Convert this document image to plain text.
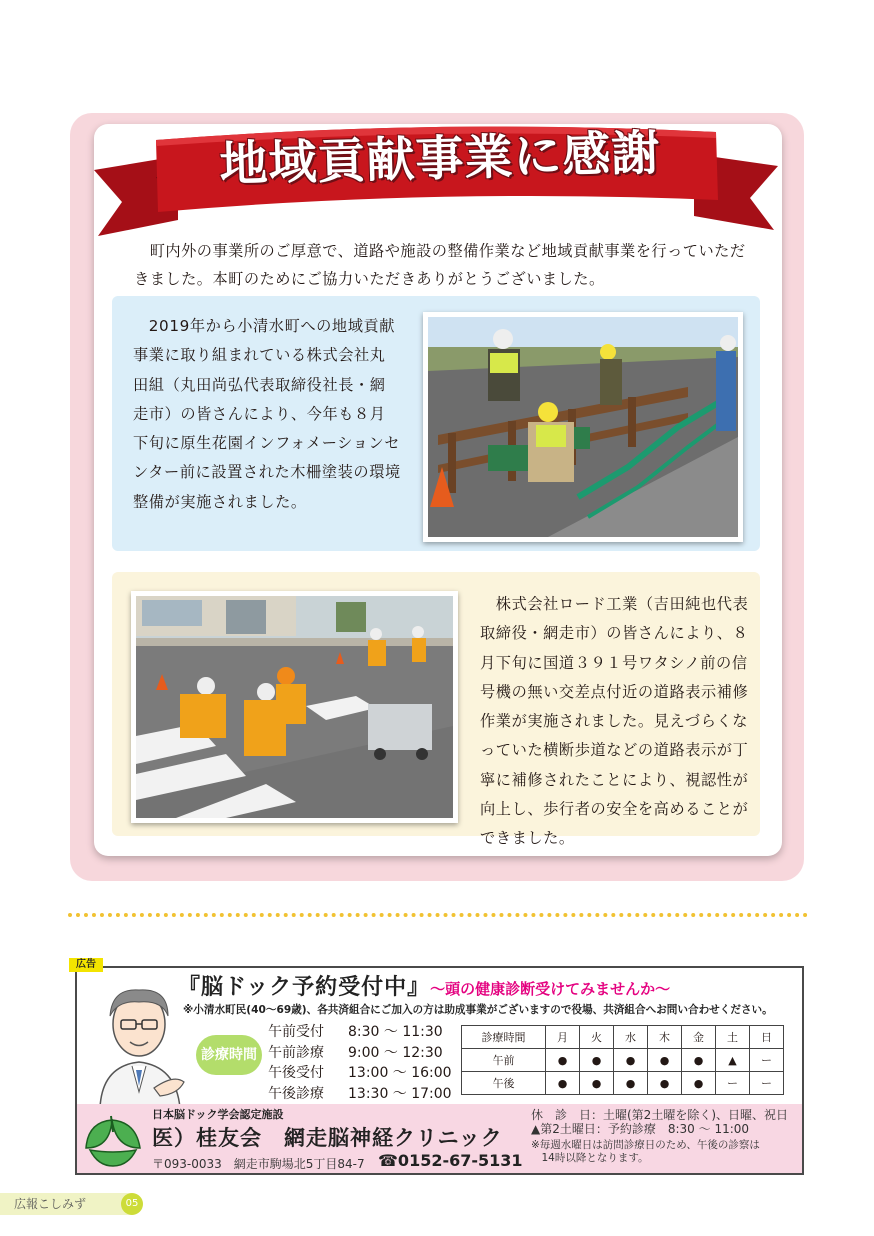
地域貢献事業に感謝

　町内外の事業所のご厚意で、道路や施設の整備作業など地域貢献事業を行っていただきました。本町のためにご協力いただきありがとうございました。

　2019年から小清水町への地域貢献事業に取り組まれている株式会社丸田組（丸田尚弘代表取締役社長・網走市）の皆さんにより、今年も８月下旬に原生花園インフォメーションセンター前に設置された木柵塗装の環境整備が実施されました。

　株式会社ロード工業（吉田純也代表取締役・網走市）の皆さんにより、８月下旬に国道３９１号ワタシノ前の信号機の無い交差点付近の道路表示補修作業が実施されました。見えづらくなっていた横断歩道などの道路表示が丁寧に補修されたことにより、視認性が向上し、歩行者の安全を高めることができました。

広告
『脳ドック予約受付中』〜頭の健康診断受けてみませんか〜
※小清水町民(40〜69歳)、各共済組合にご加入の方は助成事業がございますので役場、共済組合へお問い合わせください。
診療時間
午前受付	8:30 〜 11:30
午前診療	9:00 〜 12:30
午後受付	13:00 〜 16:00
午後診療	13:30 〜 17:00
診療時間	月	火	水	木	金	土	日
午前	●	●	●	●	●	▲	ー
午後	●	●	●	●	●	ー	ー
日本脳ドック学会認定施設
医）桂友会　網走脳神経クリニック
〒093-0033　網走市駒場北5丁目84-7 ☎0152-67-5131
休　診　日：土曜(第2土曜を除く)、日曜、祝日
▲第2土曜日：予約診療　8:30 〜 11:00
※毎週水曜日は訪問診療日のため、午後の診察は
　14時以降となります。
広報こしみず	05
